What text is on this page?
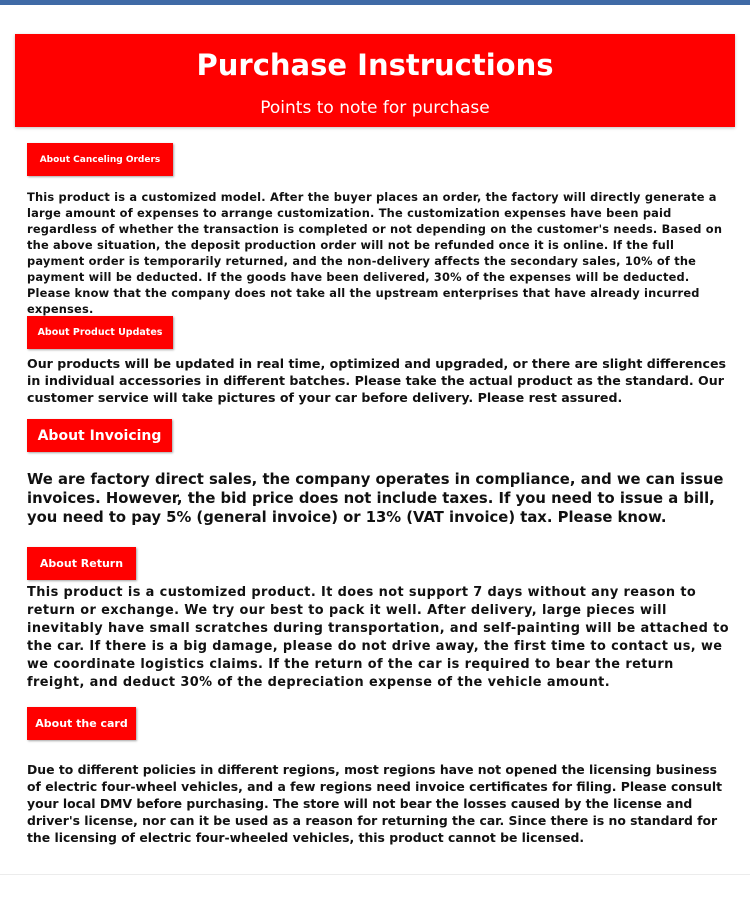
Purchase Instructions
Points to note for purchase
About Canceling Orders

This product is a customized model. After the buyer places an order, the factory will directly generate a large amount of expenses to arrange customization. The customization expenses have been paid regardless of whether the transaction is completed or not depending on the customer's needs. Based on the above situation, the deposit production order will not be refunded once it is online. If the full payment order is temporarily returned, and the non-delivery affects the secondary sales, 10% of the payment will be deducted. If the goods have been delivered, 30% of the expenses will be deducted. Please know that the company does not take all the upstream enterprises that have already incurred expenses.

About Product Updates

Our products will be updated in real time, optimized and upgraded, or there are slight differences in individual accessories in different batches. Please take the actual product as the standard. Our customer service will take pictures of your car before delivery. Please rest assured.

About Invoicing

We are factory direct sales, the company operates in compliance, and we can issue invoices. However, the bid price does not include taxes. If you need to issue a bill, you need to pay 5% (general invoice) or 13% (VAT invoice) tax. Please know.

About Return

This product is a customized product. It does not support 7 days without any reason to return or exchange. We try our best to pack it well. After delivery, large pieces will inevitably have small scratches during transportation, and self-painting will be attached to the car. If there is a big damage, please do not drive away, the first time to contact us, we we coordinate logistics claims. If the return of the car is required to bear the return freight, and deduct 30% of the depreciation expense of the vehicle amount.

About the card

Due to different policies in different regions, most regions have not opened the licensing business of electric four-wheel vehicles, and a few regions need invoice certificates for filing. Please consult your local DMV before purchasing. The store will not bear the losses caused by the license and driver's license, nor can it be used as a reason for returning the car. Since there is no standard for the licensing of electric four-wheeled vehicles, this product cannot be licensed.
